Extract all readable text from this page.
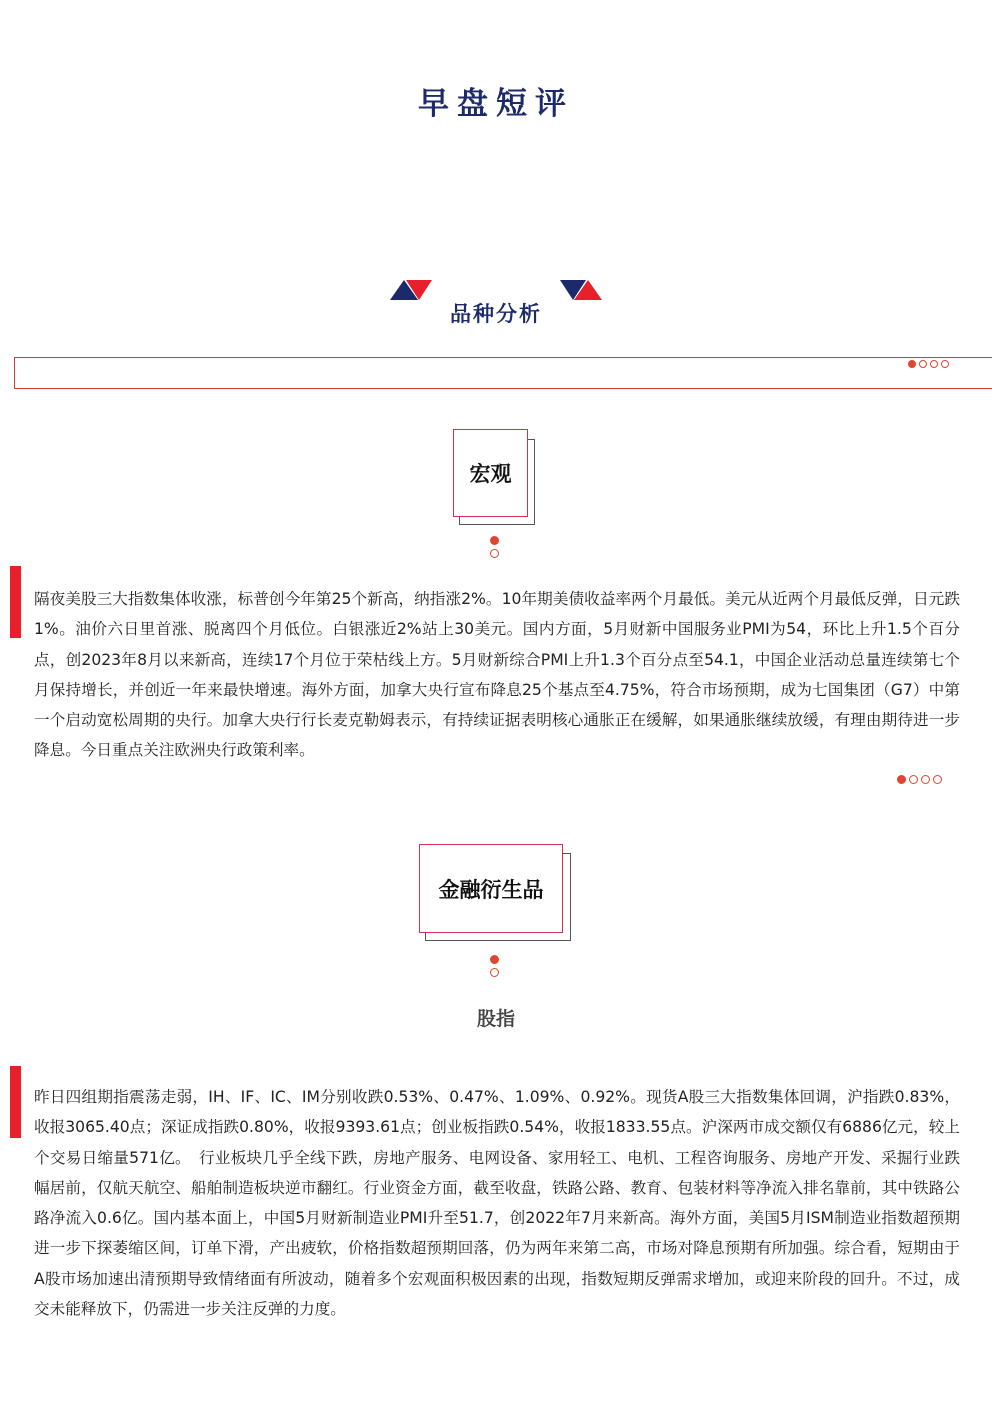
早盘短评
品种分析
宏观
隔夜美股三大指数集体收涨，标普创今年第25个新高，纳指涨2%。10年期美债收益率两个月最低。美元从近两个月最低反弹，日元跌1%。油价六日里首涨、脱离四个月低位。白银涨近2%站上30美元。国内方面，5月财新中国服务业PMI为54，环比上升1.5个百分点，创2023年8月以来新高，连续17个月位于荣枯线上方。5月财新综合PMI上升1.3个百分点至54.1，中国企业活动总量连续第七个月保持增长，并创近一年来最快增速。海外方面，加拿大央行宣布降息25个基点至4.75%，符合市场预期，成为七国集团（G7）中第一个启动宽松周期的央行。加拿大央行行长麦克勒姆表示，有持续证据表明核心通胀正在缓解，如果通胀继续放缓，有理由期待进一步降息。今日重点关注欧洲央行政策利率。
金融衍生品
股指
昨日四组期指震荡走弱，IH、IF、IC、IM分别收跌0.53%、0.47%、1.09%、0.92%。现货A股三大指数集体回调，沪指跌0.83%，收报3065.40点；深证成指跌0.80%，收报9393.61点；创业板指跌0.54%，收报1833.55点。沪深两市成交额仅有6886亿元，较上个交易日缩量571亿。　行业板块几乎全线下跌，房地产服务、电网设备、家用轻工、电机、工程咨询服务、房地产开发、采掘行业跌幅居前，仅航天航空、船舶制造板块逆市翻红。行业资金方面，截至收盘，铁路公路、教育、包装材料等净流入排名靠前，其中铁路公路净流入0.6亿。国内基本面上，中国5月财新制造业PMI升至51.7，创2022年7月来新高。海外方面，美国5月ISM制造业指数超预期进一步下探萎缩区间，订单下滑，产出疲软，价格指数超预期回落，仍为两年来第二高，市场对降息预期有所加强。综合看，短期由于A股市场加速出清预期导致情绪面有所波动，随着多个宏观面积极因素的出现，指数短期反弹需求增加，或迎来阶段的回升。不过，成交未能释放下，仍需进一步关注反弹的力度。
